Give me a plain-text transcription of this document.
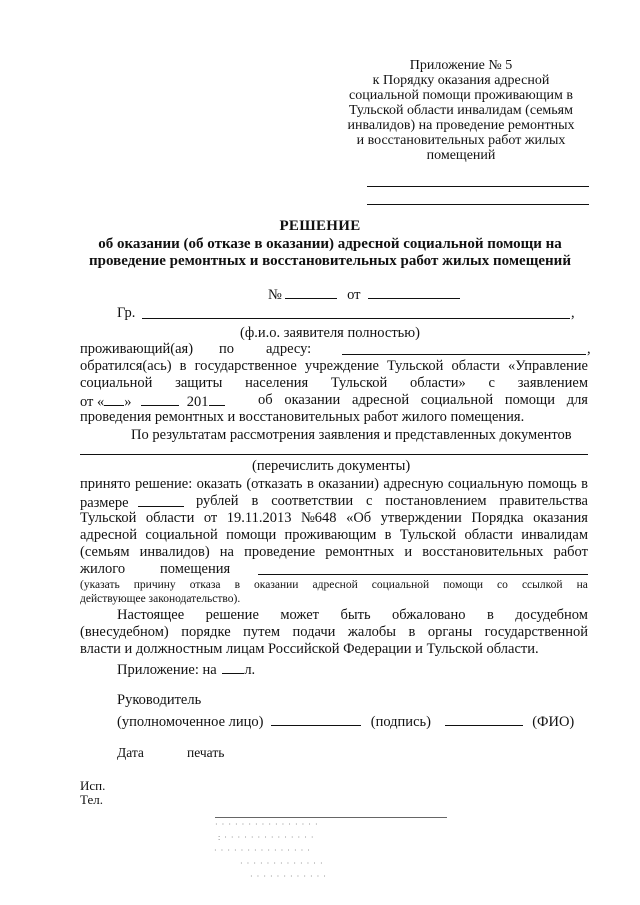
Приложение № 5
к Порядку оказания адресной
социальной помощи проживающим в
Тульской области инвалидам (семьям
инвалидов) на проведение ремонтных
и восстановительных работ жилых
помещений
РЕШЕНИЕ
об оказании (об отказе в оказании) адресной социальной помощи на проведение ремонтных и восстановительных работ жилых помещений
№	от
Гр.	,
(ф.и.о. заявителя полностью)
проживающий(ая) по адресу:	,
обратился(ась) в государственное учреждение Тульской области «Управление
социальной защиты населения Тульской области» с заявлением
от « »	201	об оказании адресной социальной помощи для
проведения ремонтных и восстановительных работ жилого помещения.
По результатам рассмотрения заявления и представленных документов
(перечислить документы)
принято решение: оказать (отказать в оказании) адресную социальную помощь в
размере	рублей в соответствии с постановлением правительства
Тульской области от 19.11.2013 №648 «Об утверждении Порядка оказания
адресной социальной помощи проживающим в Тульской области инвалидам
(семьям инвалидов) на проведение ремонтных и восстановительных работ
жилого помещения
(указать причину отказа в оказании адресной социальной помощи со ссылкой на
действующее законодательство).
Настоящее решение может быть обжаловано в досудебном
(внесудебном) порядке путем подачи жалобы в органы государственной
власти и должностным лицам Российской Федерации и Тульской области.
Приложение: на л.
Руководитель
(уполномоченное лицо)	(подпись)	(ФИО)
Дата	печать
Исп.
Тел.
· · · · · · · · · · · · · · · ·
: · · · · · · · · · · · · · ·
· · · · · · · · · · · · · · ·
· · · · · · · · · · · · ·
· · · · · · · · · · · ·
